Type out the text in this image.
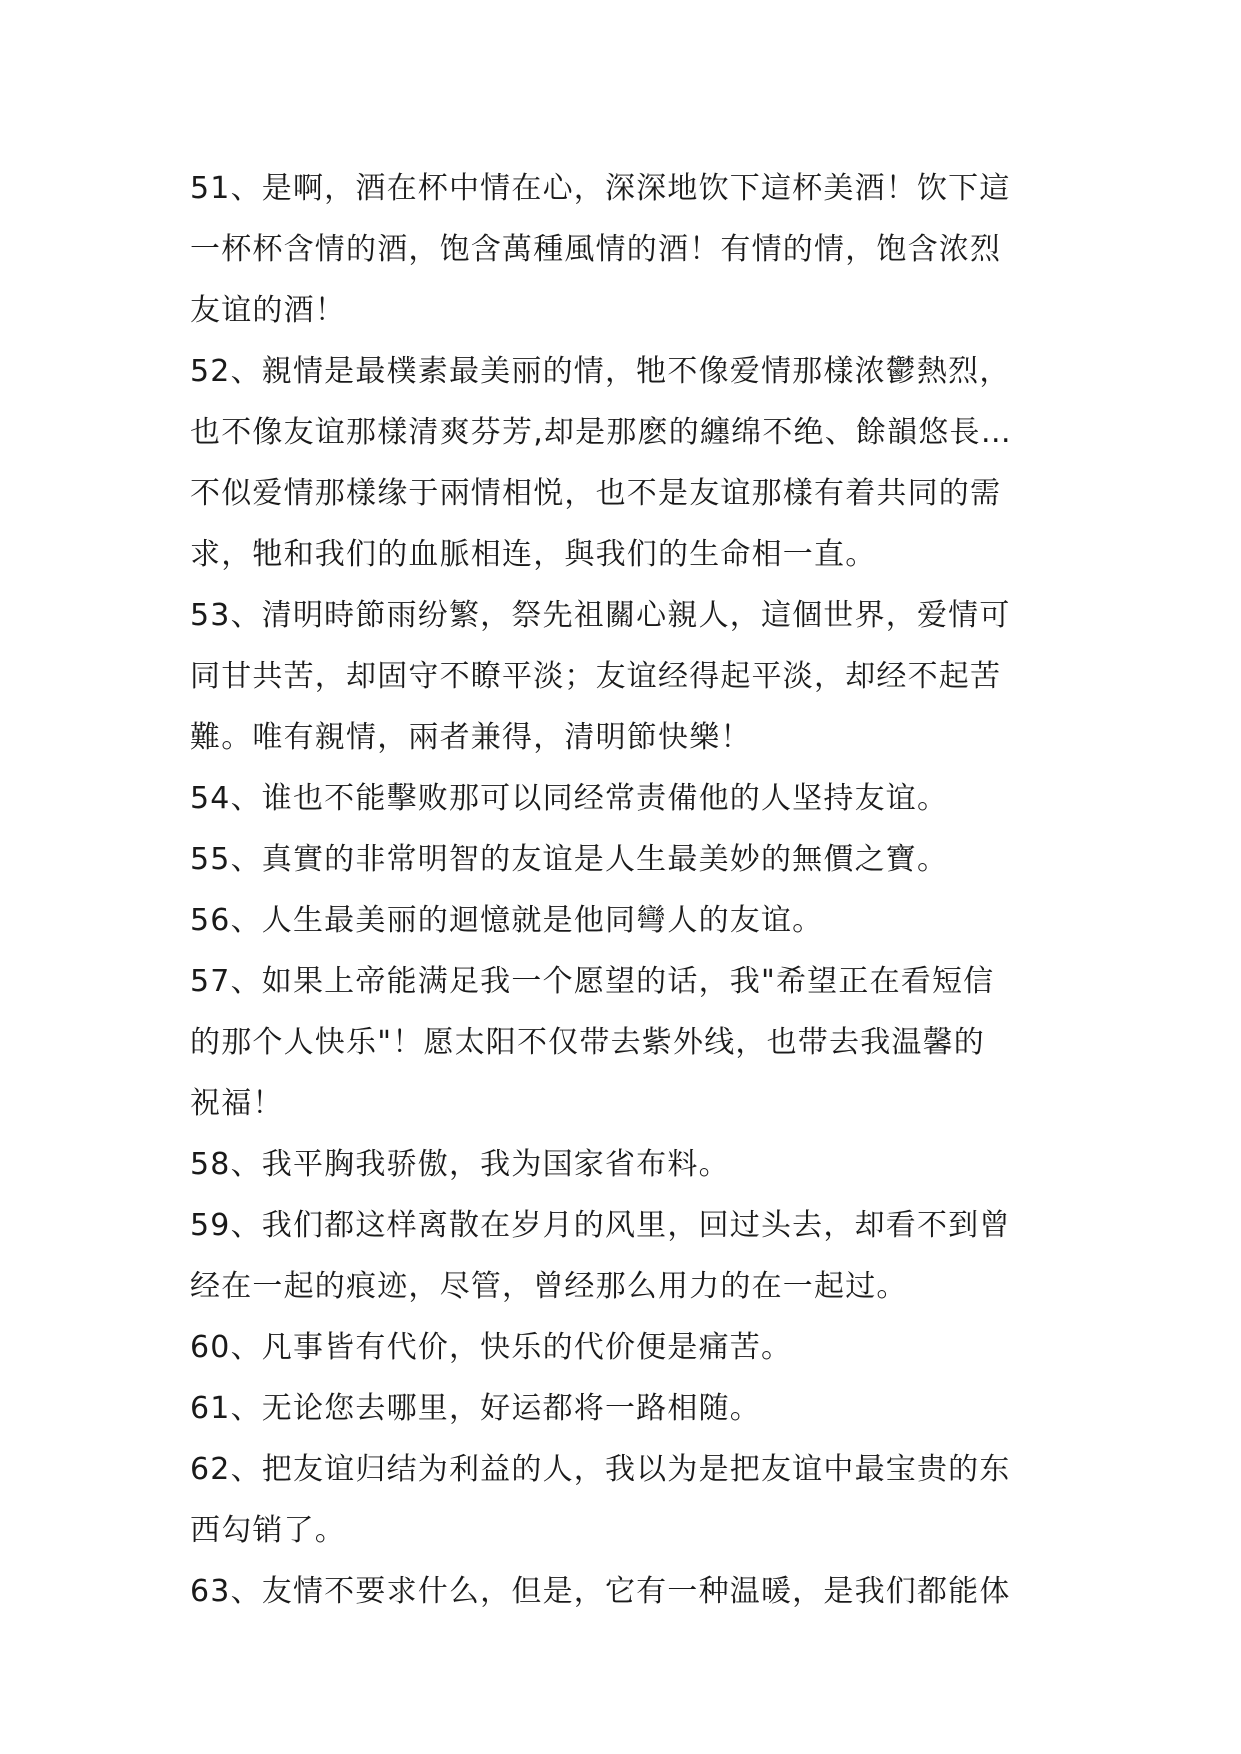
51、是啊，酒在杯中情在心，深深地饮下這杯美酒！饮下這
一杯杯含情的酒，饱含萬種風情的酒！有情的情，饱含浓烈
友谊的酒！
52、親情是最樸素最美丽的情，牠不像爱情那樣浓鬱熱烈，
也不像友谊那樣清爽芬芳,却是那麽的纏绵不绝、餘韻悠長…
不似爱情那樣缘于兩情相悦，也不是友谊那樣有着共同的需
求，牠和我们的血脈相连，與我们的生命相一直。
53、清明時節雨纷繁，祭先祖關心親人，這個世界，爱情可
同甘共苦，却固守不瞭平淡；友谊经得起平淡，却经不起苦
難。唯有親情，兩者兼得，清明節快樂！
54、谁也不能擊败那可以同经常责備他的人坚持友谊。
55、真實的非常明智的友谊是人生最美妙的無價之寶。
56、人生最美丽的迴憶就是他同彎人的友谊。
57、如果上帝能满足我一个愿望的话，我"希望正在看短信
的那个人快乐"！愿太阳不仅带去紫外线，也带去我温馨的
祝福！
58、我平胸我骄傲，我为国家省布料。
59、我们都这样离散在岁月的风里，回过头去，却看不到曾
经在一起的痕迹，尽管，曾经那么用力的在一起过。
60、凡事皆有代价，快乐的代价便是痛苦。
61、无论您去哪里，好运都将一路相随。
62、把友谊归结为利益的人，我以为是把友谊中最宝贵的东
西勾销了。
63、友情不要求什么，但是，它有一种温暖，是我们都能体
